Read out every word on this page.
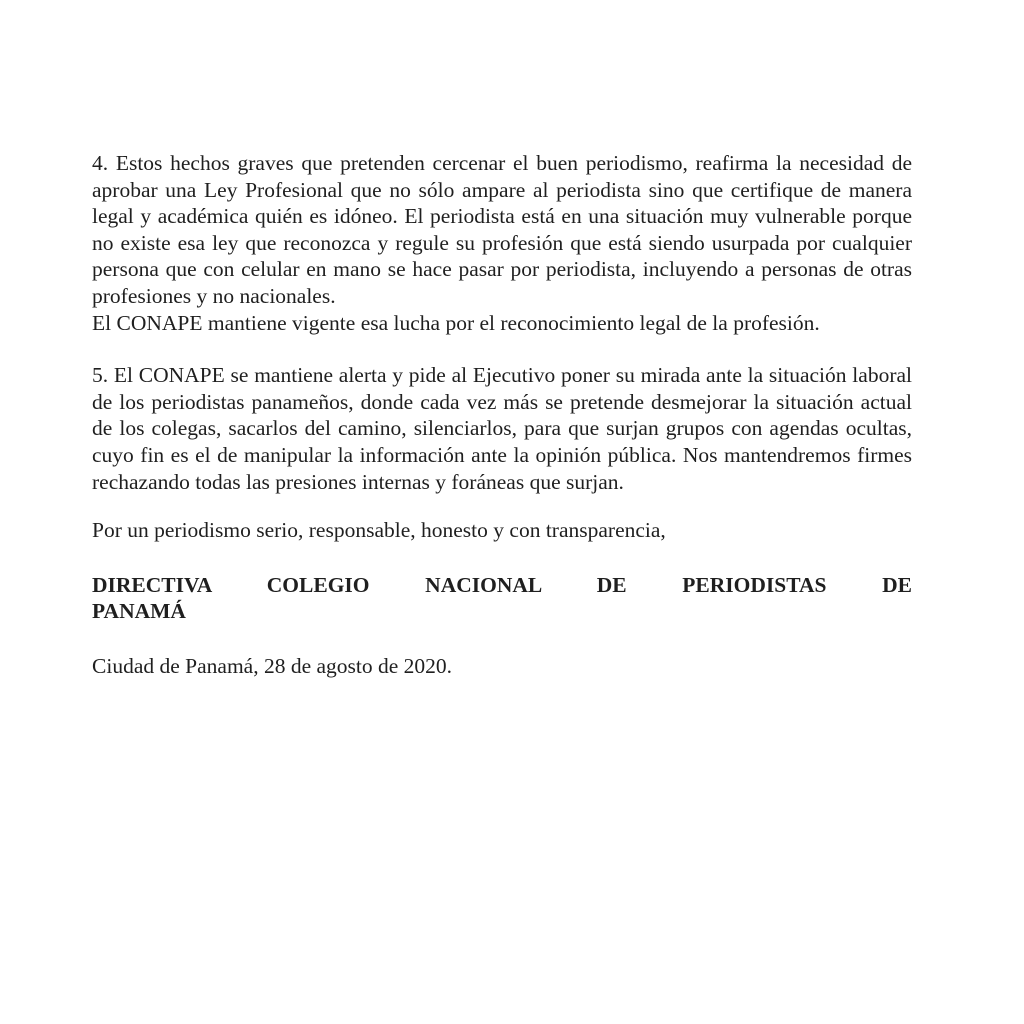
4. Estos hechos graves que pretenden cercenar el buen periodismo, reafirma la necesidad de aprobar una Ley Profesional que no sólo ampare al periodista sino que certifique de manera legal y académica quién es idóneo. El periodista está en una situación muy vulnerable porque no existe esa ley que reconozca y regule su profesión que está siendo usurpada por cualquier persona que con celular en mano se hace pasar por periodista, incluyendo a personas de otras profesiones y no nacionales.

El CONAPE mantiene vigente esa lucha por el reconocimiento legal de la profesión.

5. El CONAPE se mantiene alerta y pide al Ejecutivo poner su mirada ante la situación laboral de los periodistas panameños, donde cada vez más se pretende desmejorar la situación actual de los colegas, sacarlos del camino, silenciarlos, para que surjan grupos con agendas ocultas, cuyo fin es el de manipular la información ante la opinión pública. Nos mantendremos firmes rechazando todas las presiones internas y foráneas que surjan.

Por un periodismo serio, responsable, honesto y con transparencia,

DIRECTIVA COLEGIO NACIONAL DE PERIODISTAS DE
PANAMÁ

Ciudad de Panamá, 28 de agosto de 2020.
